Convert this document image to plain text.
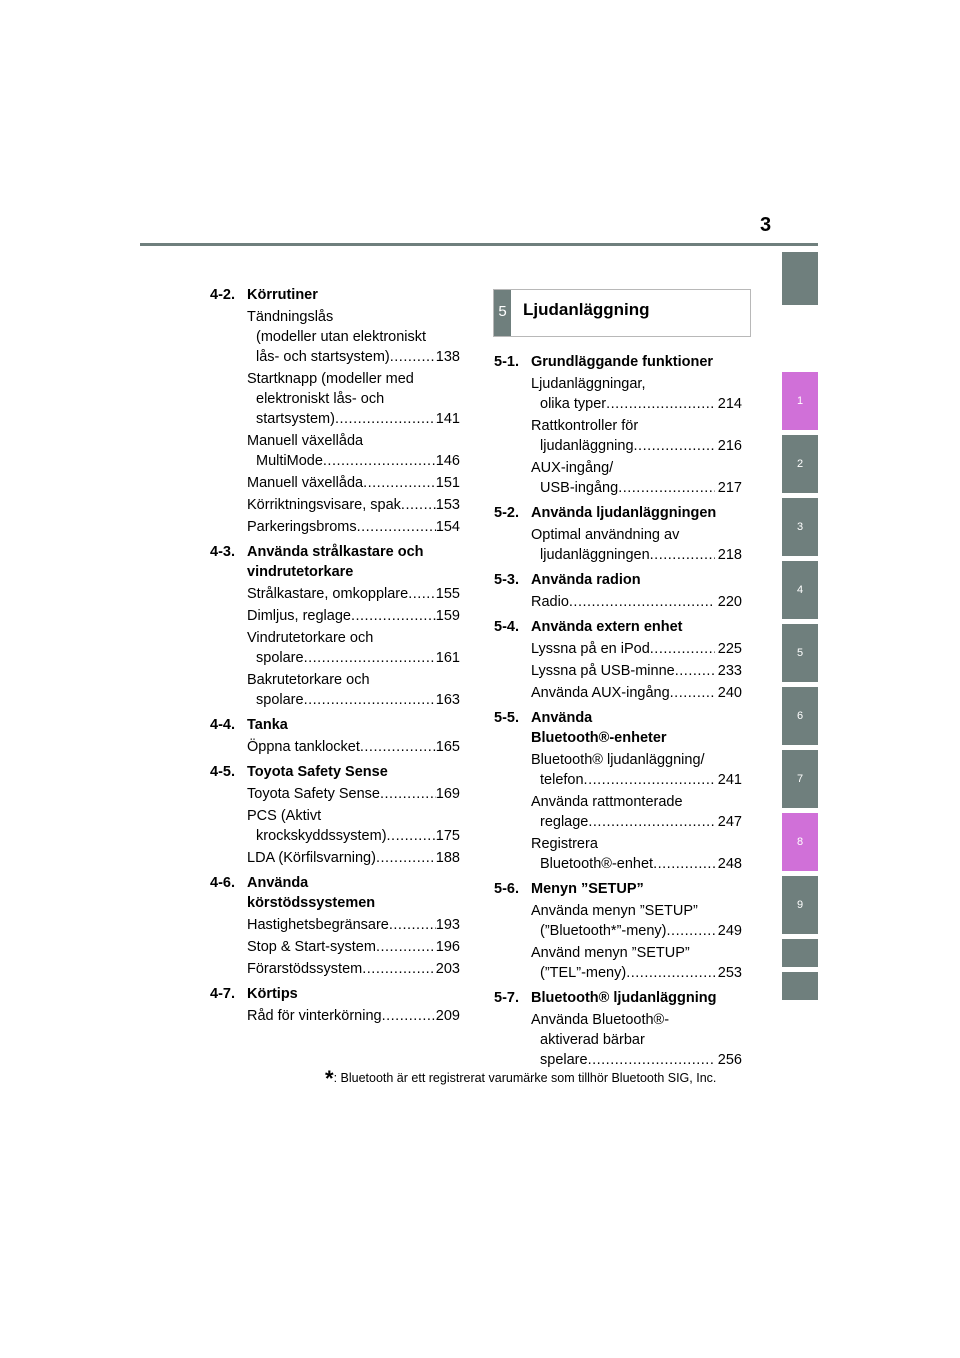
3
4-2. Körrutiner
Tändningslås
(modeller utan elektroniskt
lås- och startsystem) .....	138
Startknapp (modeller med
elektroniskt lås- och
startsystem) .....	141
Manuell växellåda
MultiMode .....	146
Manuell växellåda .....	151
Körriktningsvisare, spak ..... 153
Parkeringsbroms .....	154
4-3. Använda strålkastare och
vindrutetorkare
Strålkastare, omkopplare ..... 155
Dimljus, reglage .....	159
Vindrutetorkare och
spolare .....	161
Bakrutetorkare och
spolare .....	163
4-4. Tanka
Öppna tanklocket .....	165
4-5. Toyota Safety Sense
Toyota Safety Sense .....	169
PCS (Aktivt
krockskyddssystem) .....	175
LDA (Körfilsvarning) .....	188
4-6. Använda
körstödssystemen
Hastighetsbegränsare .....	193
Stop & Start-system .....	196
Förarstödssystem .....	203
4-7. Körtips
Råd för vinterkörning .....	209
5 Ljudanläggning
5-1. Grundläggande funktioner
Ljudanläggningar,
olika typer .....	214
Rattkontroller för
ljudanläggning .....	216
AUX-ingång/
USB-ingång .....	217
5-2. Använda ljudanläggningen
Optimal användning av
ljudanläggningen .....	218
5-3. Använda radion
Radio .....	220
5-4. Använda extern enhet
Lyssna på en iPod .....	225
Lyssna på USB-minne .....	233
Använda AUX-ingång .....	240
5-5. Använda
Bluetooth®-enheter
Bluetooth® ljudanläggning/
telefon .....	241
Använda rattmonterade
reglage .....	247
Registrera
Bluetooth®-enhet .....	248
5-6. Menyn ”SETUP”
Använda menyn ”SETUP”
(”Bluetooth*”-meny) .....	249
Använd menyn ”SETUP”
(”TEL”-meny) .....	253
5-7. Bluetooth® ljudanläggning
Använda Bluetooth®-
aktiverad bärbar
spelare .....	256
*: Bluetooth är ett registrerat varumärke som tillhör Bluetooth SIG, Inc.
1
2
3
4
5
6
7
8
9
